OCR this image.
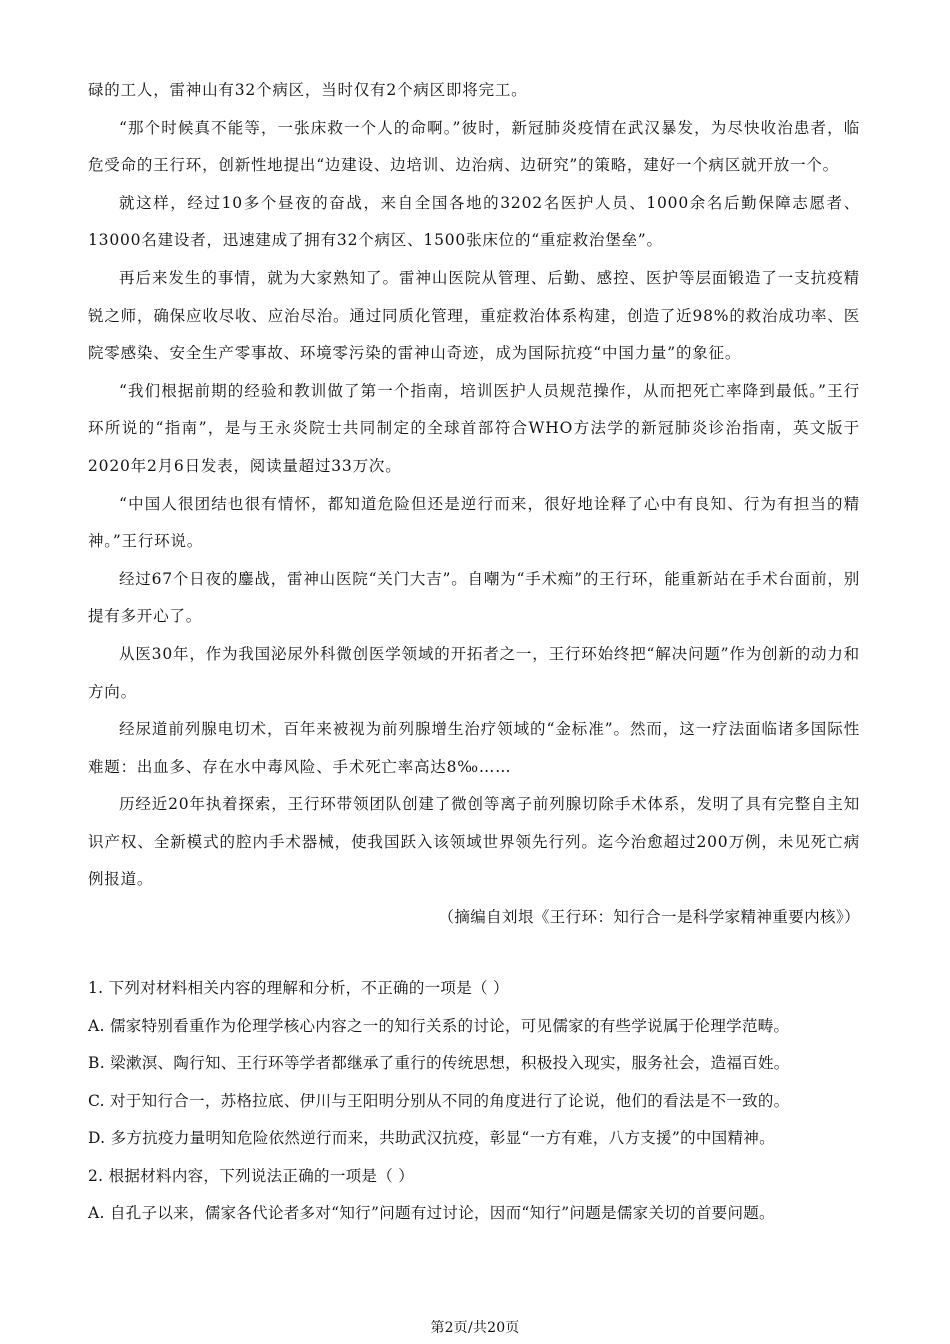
碌的工人，雷神山有32个病区，当时仅有2个病区即将完工。

“那个时候真不能等，一张床救一个人的命啊。”彼时，新冠肺炎疫情在武汉暴发，为尽快收治患者，临危受命的王行环，创新性地提出“边建设、边培训、边治病、边研究”的策略，建好一个病区就开放一个。

就这样，经过10多个昼夜的奋战，来自全国各地的3202名医护人员、1000余名后勤保障志愿者、13000名建设者，迅速建成了拥有32个病区、1500张床位的“重症救治堡垒”。

再后来发生的事情，就为大家熟知了。雷神山医院从管理、后勤、感控、医护等层面锻造了一支抗疫精锐之师，确保应收尽收、应治尽治。通过同质化管理，重症救治体系构建，创造了近98%的救治成功率、医院零感染、安全生产零事故、环境零污染的雷神山奇迹，成为国际抗疫“中国力量”的象征。

“我们根据前期的经验和教训做了第一个指南，培训医护人员规范操作，从而把死亡率降到最低。”王行环所说的“指南”，是与王永炎院士共同制定的全球首部符合WHO方法学的新冠肺炎诊治指南，英文版于2020年2月6日发表，阅读量超过33万次。

“中国人很团结也很有情怀，都知道危险但还是逆行而来，很好地诠释了心中有良知、行为有担当的精神。”王行环说。

经过67个日夜的鏖战，雷神山医院“关门大吉”。自嘲为“手术痴”的王行环，能重新站在手术台面前，别提有多开心了。

从医30年，作为我国泌尿外科微创医学领域的开拓者之一，王行环始终把“解决问题”作为创新的动力和方向。

经尿道前列腺电切术，百年来被视为前列腺增生治疗领域的“金标准”。然而，这一疗法面临诸多国际性难题：出血多、存在水中毒风险、手术死亡率高达8‰……

历经近20年执着探索，王行环带领团队创建了微创等离子前列腺切除手术体系，发明了具有完整自主知识产权、全新模式的腔内手术器械，使我国跃入该领域世界领先行列。迄今治愈超过200万例，未见死亡病例报道。

（摘编自刘垠《王行环：知行合一是科学家精神重要内核》）

1. 下列对材料相关内容的理解和分析，不正确的一项是（ ）

A. 儒家特别看重作为伦理学核心内容之一的知行关系的讨论，可见儒家的有些学说属于伦理学范畴。

B. 梁漱溟、陶行知、王行环等学者都继承了重行的传统思想，积极投入现实，服务社会，造福百姓。

C. 对于知行合一，苏格拉底、伊川与王阳明分别从不同的角度进行了论说，他们的看法是不一致的。

D. 多方抗疫力量明知危险依然逆行而来，共助武汉抗疫，彰显“一方有难，八方支援”的中国精神。

2. 根据材料内容，下列说法正确的一项是（ ）

A. 自孔子以来，儒家各代论者多对“知行”问题有过讨论，因而“知行”问题是儒家关切的首要问题。

第2页/共20页
